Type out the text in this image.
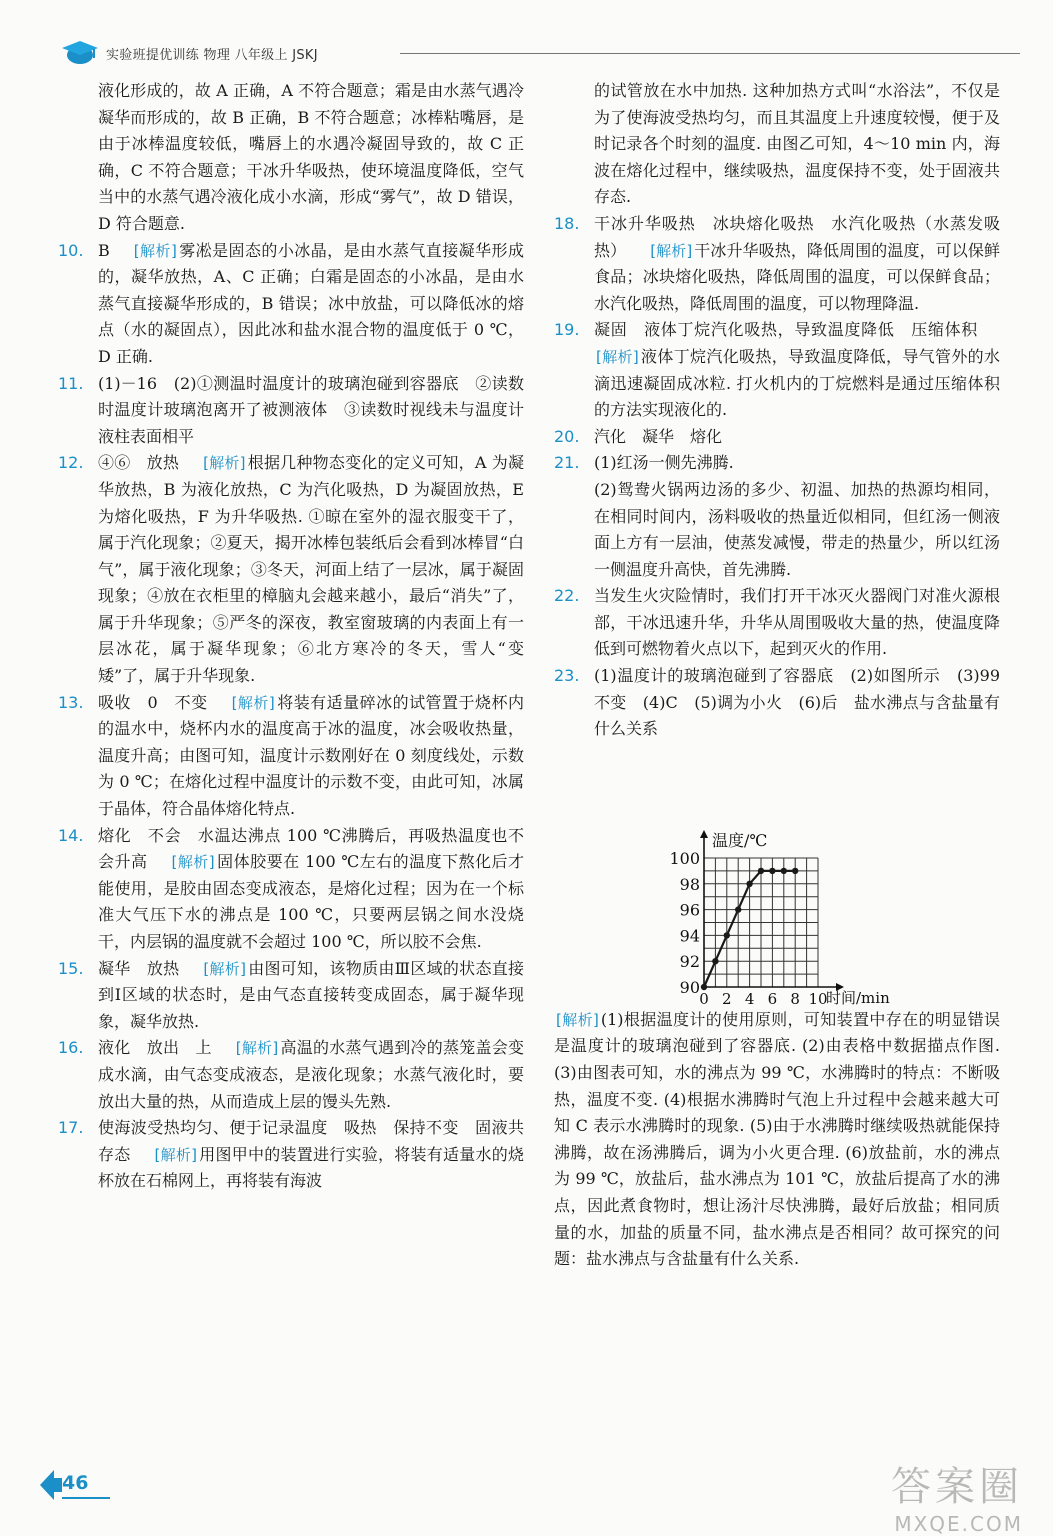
实验班提优训练 物理 八年级上 JSKJ
液化形成的，故 A 正确，A 不符合题意；霜是由水蒸气遇冷凝华而形成的，故 B 正确，B 不符合题意；冰棒粘嘴唇，是由于冰棒温度较低，嘴唇上的水遇冷凝固导致的，故 C 正确，C 不符合题意；干冰升华吸热，使环境温度降低，空气当中的水蒸气遇冷液化成小水滴，形成“雾气”，故 D 错误，D 符合题意.
10. B [ 解析 ] 雾凇是固态的小冰晶，是由水蒸气直接凝华形成的，凝华放热，A、C 正确；白霜是固态的小冰晶，是由水蒸气直接凝华形成的，B 错误；冰中放盐，可以降低冰的熔点（水的凝固点），因此冰和盐水混合物的温度低于 0 ℃，D 正确.
11. (1)－16　(2)①测温时温度计的玻璃泡碰到容器底　②读数时温度计玻璃泡离开了被测液体　③读数时视线未与温度计液柱表面相平
12. ④⑥　放热 [ 解析 ] 根据几种物态变化的定义可知，A 为凝华放热，B 为液化放热，C 为汽化吸热，D 为凝固放热，E 为熔化吸热，F 为升华吸热. ①晾在室外的湿衣服变干了，属于汽化现象；②夏天，揭开冰棒包装纸后会看到冰棒冒“白气”，属于液化现象；③冬天，河面上结了一层冰，属于凝固现象；④放在衣柜里的樟脑丸会越来越小，最后“消失”了，属于升华现象；⑤严冬的深夜，教室窗玻璃的内表面上有一层冰花，属于凝华现象；⑥北方寒冷的冬天，雪人“变矮”了，属于升华现象.
13. 吸收　0　不变 [ 解析 ] 将装有适量碎冰的试管置于烧杯内的温水中，烧杯内水的温度高于冰的温度，冰会吸收热量，温度升高；由图可知，温度计示数刚好在 0 刻度线处，示数为 0 ℃；在熔化过程中温度计的示数不变，由此可知，冰属于晶体，符合晶体熔化特点.
14. 熔化　不会　水温达沸点 100 ℃沸腾后，再吸热温度也不会升高 [ 解析 ] 固体胶要在 100 ℃左右的温度下熬化后才能使用，是胶由固态变成液态，是熔化过程；因为在一个标准大气压下水的沸点是 100 ℃，只要两层锅之间水没烧干，内层锅的温度就不会超过 100 ℃，所以胶不会焦.
15. 凝华　放热 [ 解析 ] 由图可知，该物质由Ⅲ区域的状态直接到Ⅰ区域的状态时，是由气态直接转变成固态，属于凝华现象，凝华放热.
16. 液化　放出　上 [ 解析 ] 高温的水蒸气遇到冷的蒸笼盖会变成水滴，由气态变成液态，是液化现象；水蒸气液化时，要放出大量的热，从而造成上层的馒头先熟.
17. 使海波受热均匀、便于记录温度　吸热　保持不变　固液共存态 [ 解析 ] 用图甲中的装置进行实验，将装有适量水的烧杯放在石棉网上，再将装有海波
的试管放在水中加热. 这种加热方式叫“水浴法”，不仅是为了使海波受热均匀，而且其温度上升速度较慢，便于及时记录各个时刻的温度. 由图乙可知，4～10 min 内，海波在熔化过程中，继续吸热，温度保持不变，处于固液共存态.
18. 干冰升华吸热　冰块熔化吸热　水汽化吸热（水蒸发吸热） [ 解析 ] 干冰升华吸热，降低周围的温度，可以保鲜食品；冰块熔化吸热，降低周围的温度，可以保鲜食品；水汽化吸热，降低周围的温度，可以物理降温.
19. 凝固　液体丁烷汽化吸热，导致温度降低　压缩体积[ 解析 ] 液体丁烷汽化吸热，导致温度降低，导气管外的水滴迅速凝固成冰粒. 打火机内的丁烷燃料是通过压缩体积的方法实现液化的.
20. 汽化　凝华　熔化
21. (1)红汤一侧先沸腾.
(2)鸳鸯火锅两边汤的多少、初温、加热的热源均相同，在相同时间内，汤料吸收的热量近似相同，但红汤一侧液面上方有一层油，使蒸发减慢，带走的热量少，所以红汤一侧温度升高快，首先沸腾.
22. 当发生火灾险情时，我们打开干冰灭火器阀门对准火源根部，干冰迅速升华，升华从周围吸收大量的热，使温度降低到可燃物着火点以下，起到灭火的作用.
23. (1)温度计的玻璃泡碰到了容器底　(2)如图所示　(3)99　不变　(4)C　(5)调为小火　(6)后　盐水沸点与含盐量有什么关系
温度/℃
时间/min
90
92
94
96
98
100
0 2 4 6 8 10
[ 解析 ] (1)根据温度计的使用原则，可知装置中存在的明显错误是温度计的玻璃泡碰到了容器底. (2)由表格中数据描点作图. (3)由图表可知，水的沸点为 99 ℃，水沸腾时的特点：不断吸热，温度不变. (4)根据水沸腾时气泡上升过程中会越来越大可知 C 表示水沸腾时的现象. (5)由于水沸腾时继续吸热就能保持沸腾，故在汤沸腾后，调为小火更合理. (6)放盐前，水的沸点为 99 ℃，放盐后，盐水沸点为 101 ℃，放盐后提高了水的沸点，因此煮食物时，想让汤汁尽快沸腾，最好后放盐；相同质量的水，加盐的质量不同，盐水沸点是否相同？故可探究的问题：盐水沸点与含盐量有什么关系.
46	答案圈
MXQE.COM
